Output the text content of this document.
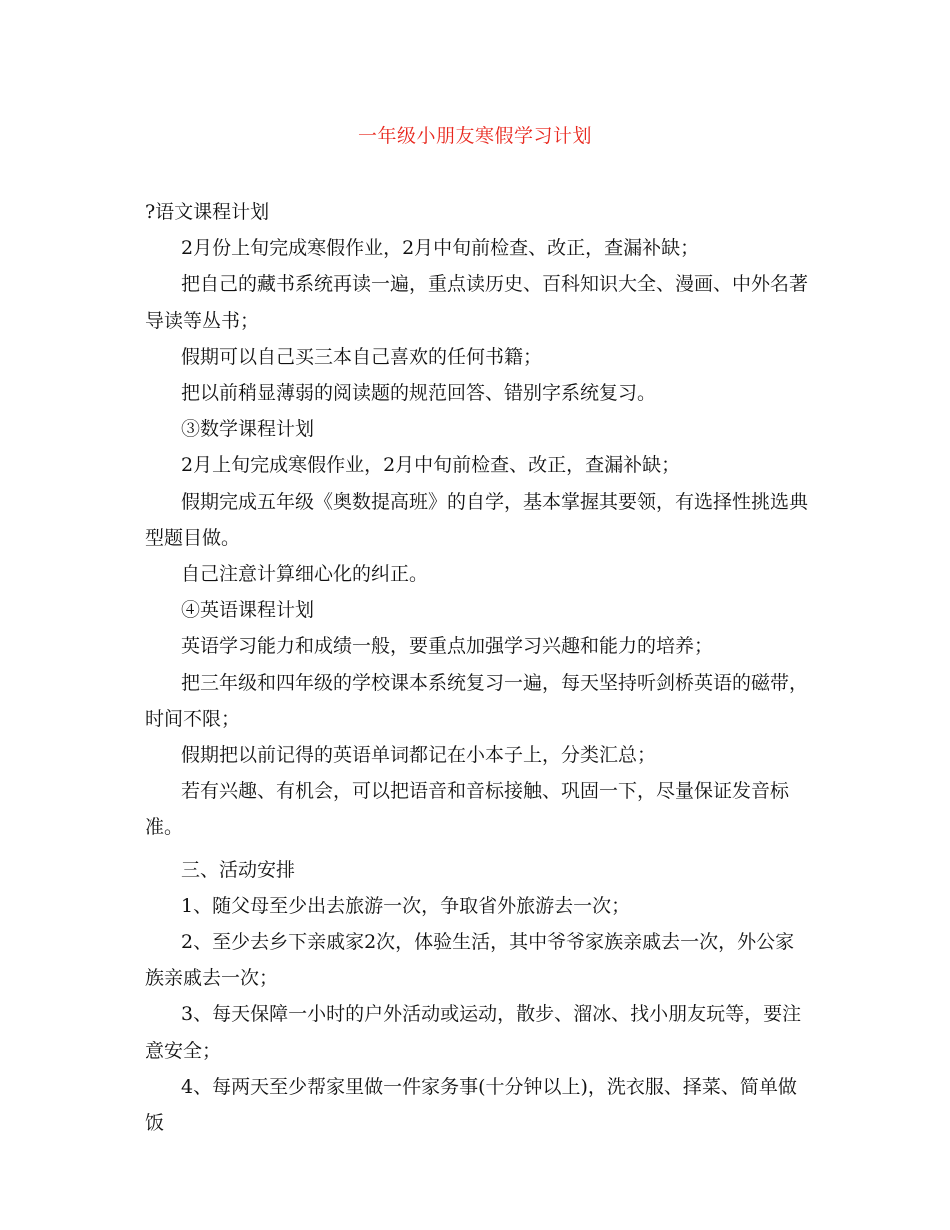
一年级小朋友寒假学习计划

?语文课程计划

2月份上旬完成寒假作业，2月中旬前检查、改正，查漏补缺；

把自己的藏书系统再读一遍，重点读历史、百科知识大全、漫画、中外名著导读等丛书；

假期可以自己买三本自己喜欢的任何书籍；

把以前稍显薄弱的阅读题的规范回答、错别字系统复习。

③数学课程计划

2月上旬完成寒假作业，2月中旬前检查、改正，查漏补缺；

假期完成五年级《奥数提高班》的自学，基本掌握其要领，有选择性挑选典型题目做。

自己注意计算细心化的纠正。

④英语课程计划

英语学习能力和成绩一般，要重点加强学习兴趣和能力的培养；

把三年级和四年级的学校课本系统复习一遍，每天坚持听剑桥英语的磁带，时间不限；

假期把以前记得的英语单词都记在小本子上，分类汇总；

若有兴趣、有机会，可以把语音和音标接触、巩固一下，尽量保证发音标准。

三、活动安排

1、随父母至少出去旅游一次，争取省外旅游去一次；

2、至少去乡下亲戚家2次，体验生活，其中爷爷家族亲戚去一次，外公家族亲戚去一次；

3、每天保障一小时的户外活动或运动，散步、溜冰、找小朋友玩等，要注意安全；

4、每两天至少帮家里做一件家务事(十分钟以上)，洗衣服、择菜、简单做饭
